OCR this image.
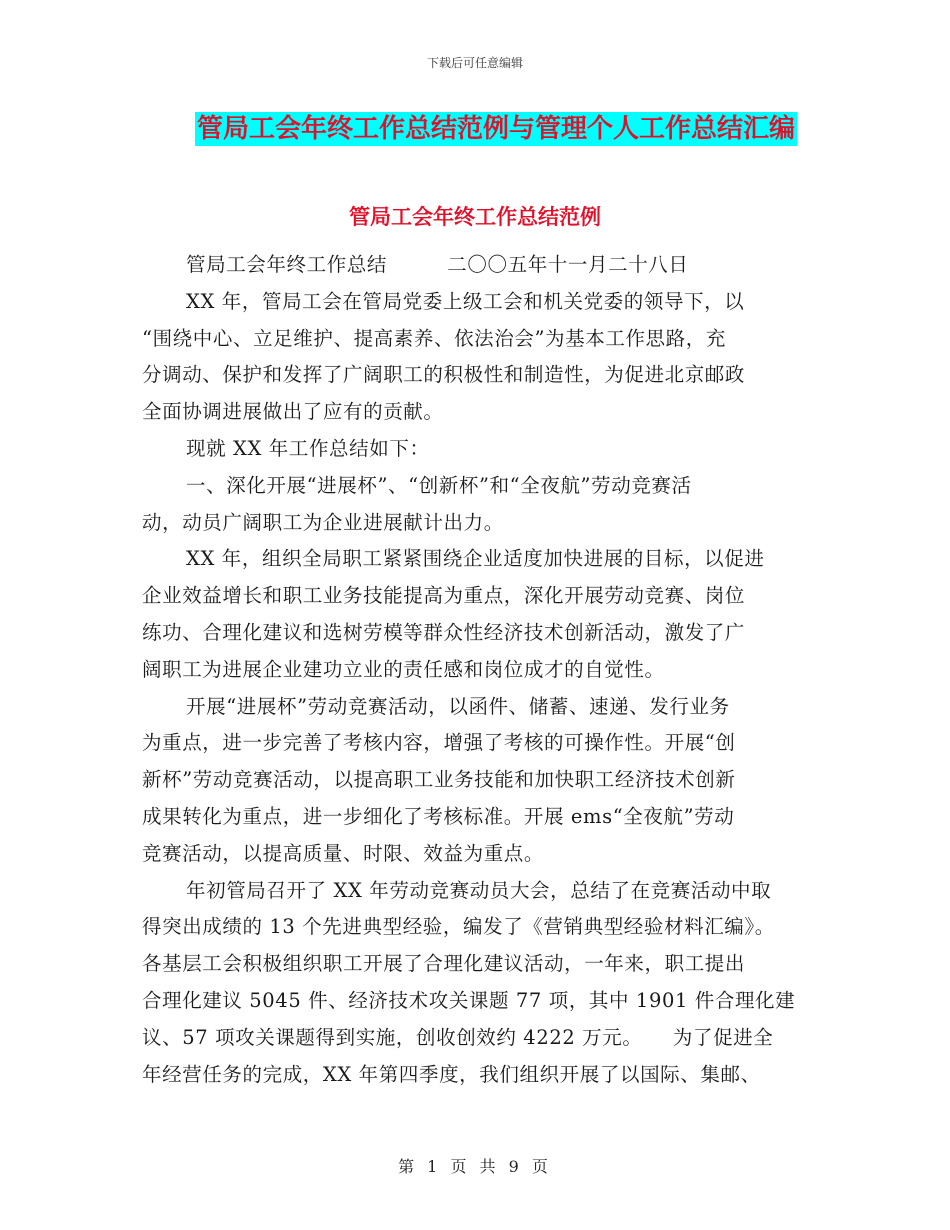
下载后可任意编辑
管局工会年终工作总结范例与管理个人工作总结汇编
管局工会年终工作总结范例
管局工会年终工作总结　　　二〇〇五年十一月二十八日
XX 年，管局工会在管局党委上级工会和机关党委的领导下，以
“围绕中心、立足维护、提高素养、依法治会”为基本工作思路，充
分调动、保护和发挥了广阔职工的积极性和制造性，为促进北京邮政
全面协调进展做出了应有的贡献。
现就 XX 年工作总结如下：
一、深化开展“进展杯”、“创新杯”和“全夜航”劳动竞赛活
动，动员广阔职工为企业进展献计出力。
XX 年，组织全局职工紧紧围绕企业适度加快进展的目标，以促进
企业效益增长和职工业务技能提高为重点，深化开展劳动竞赛、岗位
练功、合理化建议和选树劳模等群众性经济技术创新活动，激发了广
阔职工为进展企业建功立业的责任感和岗位成才的自觉性。
开展“进展杯”劳动竞赛活动，以函件、储蓄、速递、发行业务
为重点，进一步完善了考核内容，增强了考核的可操作性。开展“创
新杯”劳动竞赛活动，以提高职工业务技能和加快职工经济技术创新
成果转化为重点，进一步细化了考核标准。开展 ems“全夜航”劳动
竞赛活动，以提高质量、时限、效益为重点。
年初管局召开了 XX 年劳动竞赛动员大会，总结了在竞赛活动中取
得突出成绩的 13 个先进典型经验，编发了《营销典型经验材料汇编》。
各基层工会积极组织职工开展了合理化建议活动，一年来，职工提出
合理化建议 5045 件、经济技术攻关课题 77 项，其中 1901 件合理化建
议、57 项攻关课题得到实施，创收创效约 4222 万元。　　为了促进全
年经营任务的完成，XX 年第四季度，我们组织开展了以国际、集邮、
第 1 页 共 9 页
